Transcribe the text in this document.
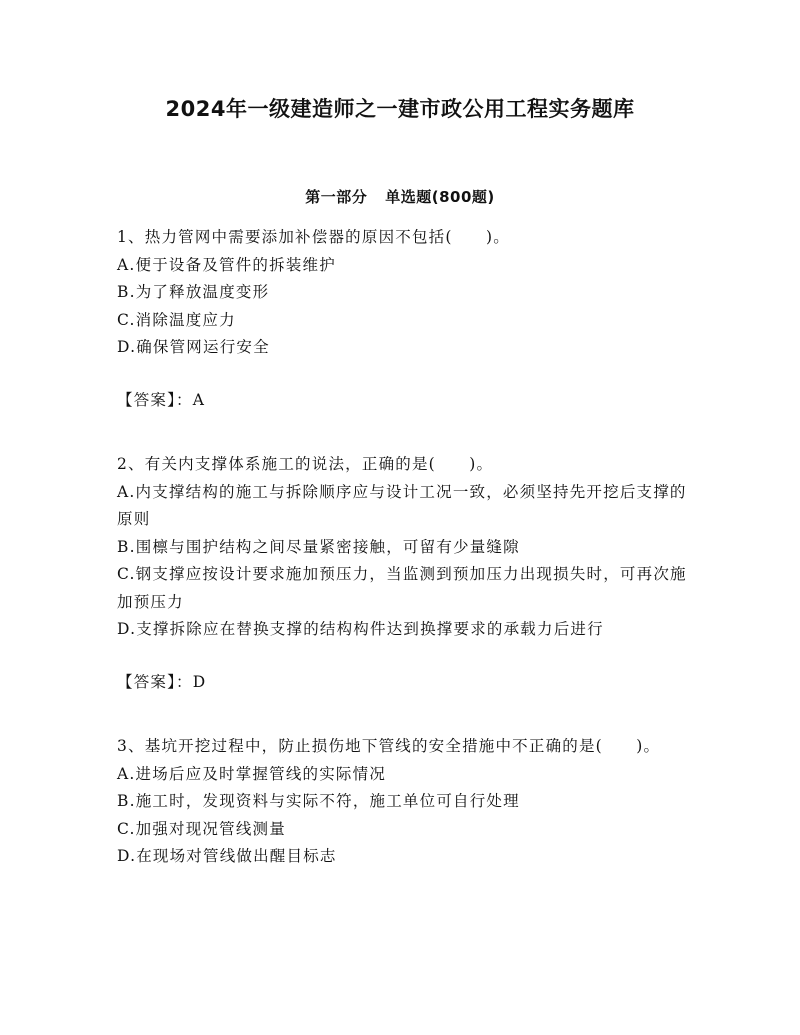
2024年一级建造师之一建市政公用工程实务题库
第一部分 单选题(800题)
1、热力管网中需要添加补偿器的原因不包括(　　)。
A.便于设备及管件的拆装维护
B.为了释放温度变形
C.消除温度应力
D.确保管网运行安全
【答案】：A
2、有关内支撑体系施工的说法，正确的是(　　)。
A.内支撑结构的施工与拆除顺序应与设计工况一致，必须坚持先开挖后支撑的原则
B.围檩与围护结构之间尽量紧密接触，可留有少量缝隙
C.钢支撑应按设计要求施加预压力，当监测到预加压力出现损失时，可再次施加预压力
D.支撑拆除应在替换支撑的结构构件达到换撑要求的承载力后进行
【答案】：D
3、基坑开挖过程中，防止损伤地下管线的安全措施中不正确的是(　　)。
A.进场后应及时掌握管线的实际情况
B.施工时，发现资料与实际不符，施工单位可自行处理
C.加强对现况管线测量
D.在现场对管线做出醒目标志
